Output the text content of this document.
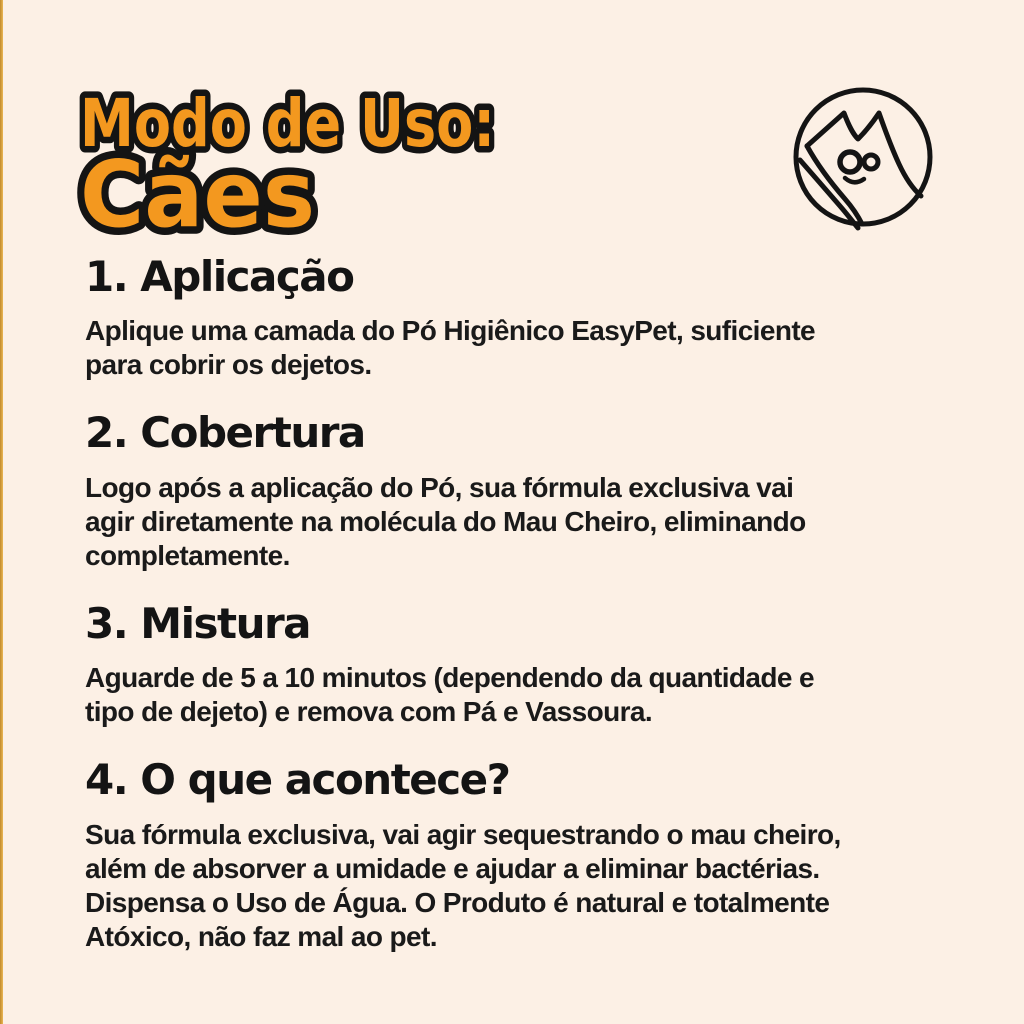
Modo de Uso:
Cães
1. Aplicação
Aplique uma camada do Pó Higiênico EasyPet, suficiente
para cobrir os dejetos.
2. Cobertura
Logo após a aplicação do Pó, sua fórmula exclusiva vai
agir diretamente na molécula do Mau Cheiro, eliminando
completamente.
3. Mistura
Aguarde de 5 a 10 minutos (dependendo da quantidade e
tipo de dejeto) e remova com Pá e Vassoura.
4. O que acontece?
Sua fórmula exclusiva, vai agir sequestrando o mau cheiro,
além de absorver a umidade e ajudar a eliminar bactérias.
Dispensa o Uso de Água. O Produto é natural e totalmente
Atóxico, não faz mal ao pet.
